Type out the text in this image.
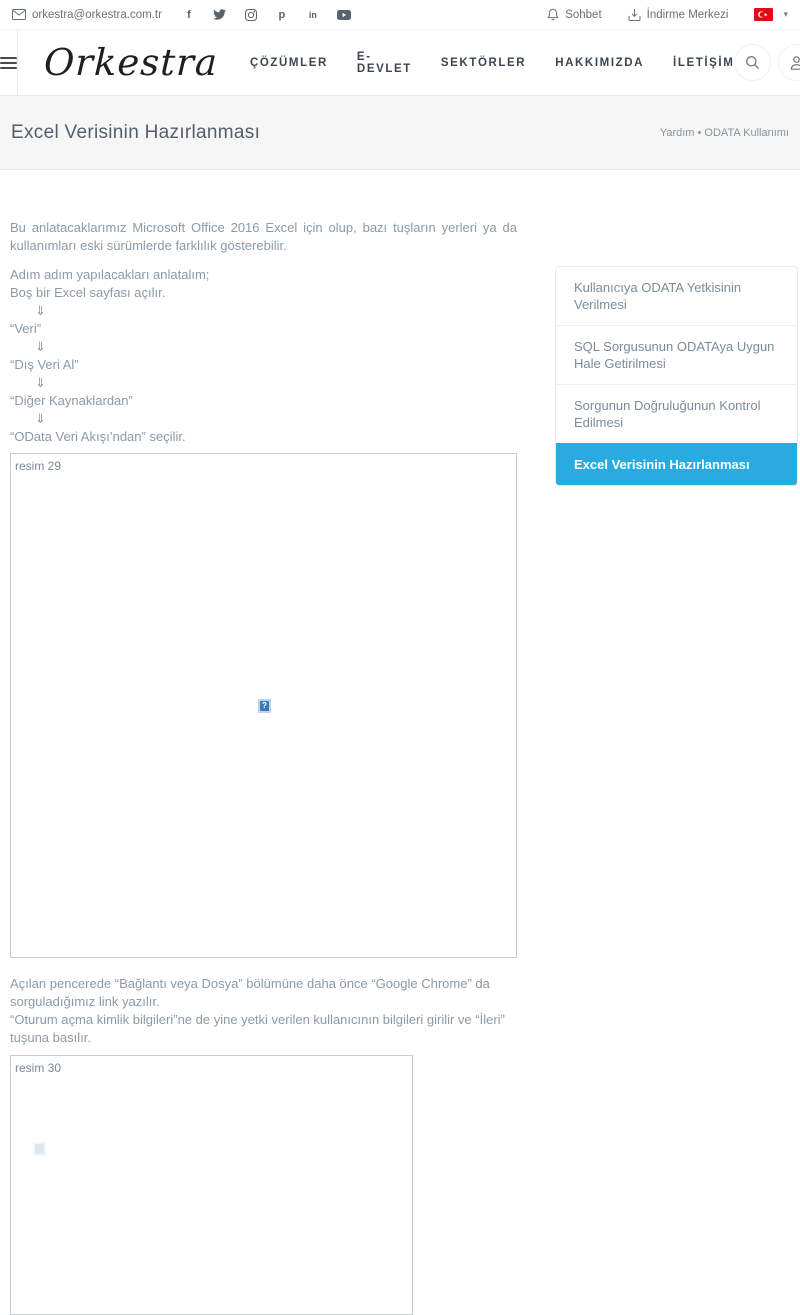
orkestra@orkestra.com.tr	f	p	in	Sohbet	İndirme Merkezi	▾
Orkestra	ÇÖZÜMLER	E-DEVLET	SEKTÖRLER	HAKKIMIZDA	İLETİŞİM
Excel Verisinin Hazırlanması	Yardım • ODATA Kullanımı

Bu anlatacaklarımız Microsoft Office 2016 Excel için olup, bazı tuşların yerleri ya da kullanımları eski sürümlerde farklılık gösterebilir.

Adım adım yapılacakları anlatalım;
Boş bir Excel sayfası açılır.
⇓
“Veri”
⇓
“Dış Veri Al”
⇓
“Diğer Kaynaklardan”
⇓
“OData Veri Akışı’ndan” seçilir.
resim 29
?
Açılan pencerede “Bağlantı veya Dosya” bölümüne daha önce “Google Chrome” da sorguladığımız link yazılır.
“Oturum açma kimlik bilgileri”ne de yine yetki verilen kullanıcının bilgileri girilir ve “İleri” tuşuna basılır.
resim 30
Kullanıcıya ODATA Yetkisinin Verilmesi
SQL Sorgusunun ODATAya Uygun Hale Getirilmesi
Sorgunun Doğruluğunun Kontrol Edilmesi
Excel Verisinin Hazırlanması
